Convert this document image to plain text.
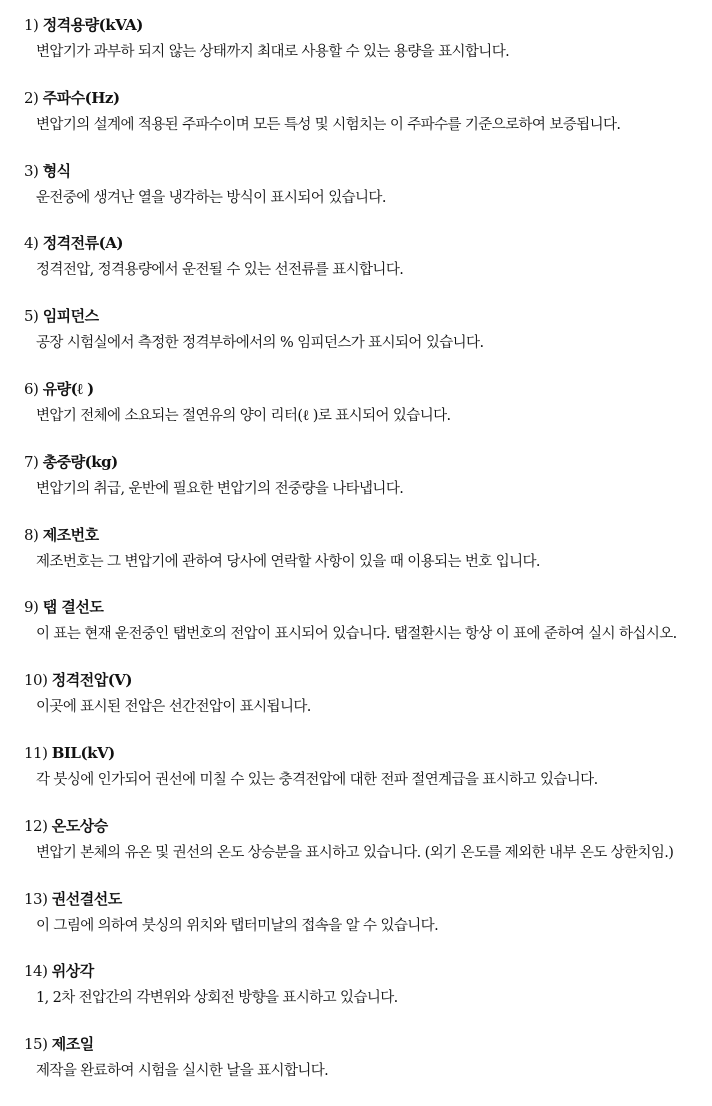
1) 정격용량(kVA)
변압기가 과부하 되지 않는 상태까지 최대로 사용할 수 있는 용량을 표시합니다.
2) 주파수(Hz)
변압기의 설계에 적용된 주파수이며 모든 특성 및 시험치는 이 주파수를 기준으로하여 보증됩니다.
3) 형식
운전중에 생겨난 열을 냉각하는 방식이 표시되어 있습니다.
4) 정격전류(A)
정격전압, 정격용량에서 운전될 수 있는 선전류를 표시합니다.
5) 임피던스
공장 시험실에서 측정한 정격부하에서의 % 임피던스가 표시되어 있습니다.
6) 유량(ℓ )
변압기 전체에 소요되는 절연유의 양이 리터(ℓ )로 표시되어 있습니다.
7) 총중량(kg)
변압기의 취급, 운반에 필요한 변압기의 전중량을 나타냅니다.
8) 제조번호
제조번호는 그 변압기에 관하여 당사에 연락할 사항이 있을 때 이용되는 번호 입니다.
9) 탭 결선도
이 표는 현재 운전중인 탭번호의 전압이 표시되어 있습니다. 탭절환시는 항상 이 표에 준하여 실시 하십시오.
10) 정격전압(V)
이곳에 표시된 전압은 선간전압이 표시됩니다.
11) BIL(kV)
각 붓싱에 인가되어 권선에 미칠 수 있는 충격전압에 대한 전파 절연계급을 표시하고 있습니다.
12) 온도상승
변압기 본체의 유온 및 권선의 온도 상승분을 표시하고 있습니다. (외기 온도를 제외한 내부 온도 상한치임.)
13) 권선결선도
이 그림에 의하여 붓싱의 위치와 탭터미날의 접속을 알 수 있습니다.
14) 위상각
1, 2차 전압간의 각변위와 상회전 방향을 표시하고 있습니다.
15) 제조일
제작을 완료하여 시험을 실시한 날을 표시합니다.
